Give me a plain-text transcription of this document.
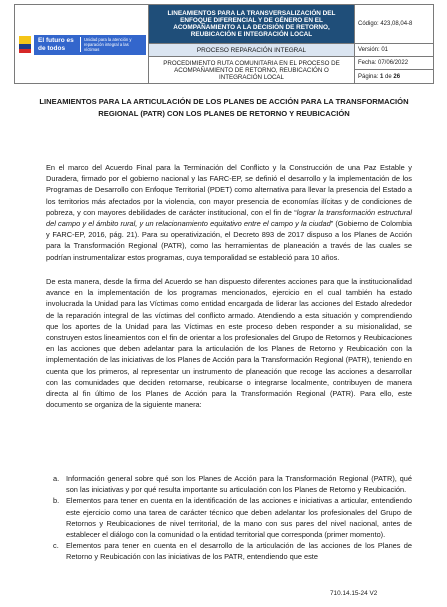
El futuro es de todos
Unidad para la atención y reparación integral a las víctimas
LINEAMIENTOS PARA LA TRANSVERSALIZACIÓN DEL ENFOQUE DIFERENCIAL Y DE GÉNERO EN EL ACOMPAÑAMIENTO A LA DECISIÓN DE RETORNO, REUBICACIÓN E INTEGRACIÓN LOCAL
PROCESO REPARACIÓN INTEGRAL
PROCEDIMIENTO RUTA COMUNITARIA EN EL PROCESO DE ACOMPAÑAMIENTO DE RETORNO, REUBICACIÓN O INTEGRACIÓN LOCAL
Código: 423,08,04-8
Versión: 01
Fecha: 07/06/2022
Página: 1 de 26
LINEAMIENTOS PARA LA ARTICULACIÓN DE LOS PLANES DE ACCIÓN PARA LA TRANSFORMACIÓN REGIONAL (PATR) CON LOS PLANES DE RETORNO Y REUBICACIÓN
En el marco del Acuerdo Final para la Terminación del Conflicto y la Construcción de una Paz Estable y Duradera, firmado por el gobierno nacional y las FARC-EP, se definió el desarrollo y la implementación de los Programas de Desarrollo con Enfoque Territorial (PDET) como alternativa para llevar la presencia del Estado a los territorios más afectados por la violencia, con mayor presencia de economías ilícitas y de condiciones de pobreza, y con mayores debilidades de carácter institucional, con el fin de “lograr la transformación estructural del campo y el ámbito rural, y un relacionamiento equitativo entre el campo y la ciudad” (Gobierno de Colombia y FARC-EP, 2016, pág. 21). Para su operativización, el Decreto 893 de 2017 dispuso a los Planes de Acción para la Transformación Regional (PATR), como las herramientas de planeación a través de las cuales se podrían instrumentalizar estos programas, cuya temporalidad se estableció para 10 años.
De esta manera, desde la firma del Acuerdo se han dispuesto diferentes acciones para que la institucionalidad avance en la implementación de los programas mencionados, ejercicio en el cual también ha estado involucrada la Unidad para las Víctimas como entidad encargada de liderar las acciones del Estado alrededor de la reparación integral de las víctimas del conflicto armado. Atendiendo a esta situación y comprendiendo que los aportes de la Unidad para las Víctimas en este proceso deben responder a su misionalidad, se construyen estos lineamientos con el fin de orientar a los profesionales del Grupo de Retornos y Reubicaciones en las acciones que deben adelantar para la articulación de los Planes de Retorno y Reubicación con la implementación de las iniciativas de los Planes de Acción para la Transformación Regional (PATR), teniendo en cuenta que los primeros, al representar un instrumento de planeación que recoge las acciones a desarrollar con las comunidades que deciden retornarse, reubicarse o integrarse localmente, contribuyen de manera directa al fin último de los Planes de Acción para la Transformación Regional (PATR). Para ello, este documento se organiza de la siguiente manera:
a. Información general sobre qué son los Planes de Acción para la Transformación Regional (PATR), qué son las iniciativas y por qué resulta importante su articulación con los Planes de Retorno y Reubicación.
b. Elementos para tener en cuenta en la identificación de las acciones e iniciativas a articular, entendiendo este ejercicio como una tarea de carácter técnico que deben adelantar los profesionales del Grupo de Retornos y Reubicaciones de nivel territorial, de la mano con sus pares del nivel nacional, antes de establecer el diálogo con la comunidad o la entidad territorial que corresponda (primer momento).
c. Elementos para tener en cuenta en el desarrollo de la articulación de las acciones de los Planes de Retorno y Reubicación con las iniciativas de los PATR, entendiendo que este
710.14.15-24 V2
